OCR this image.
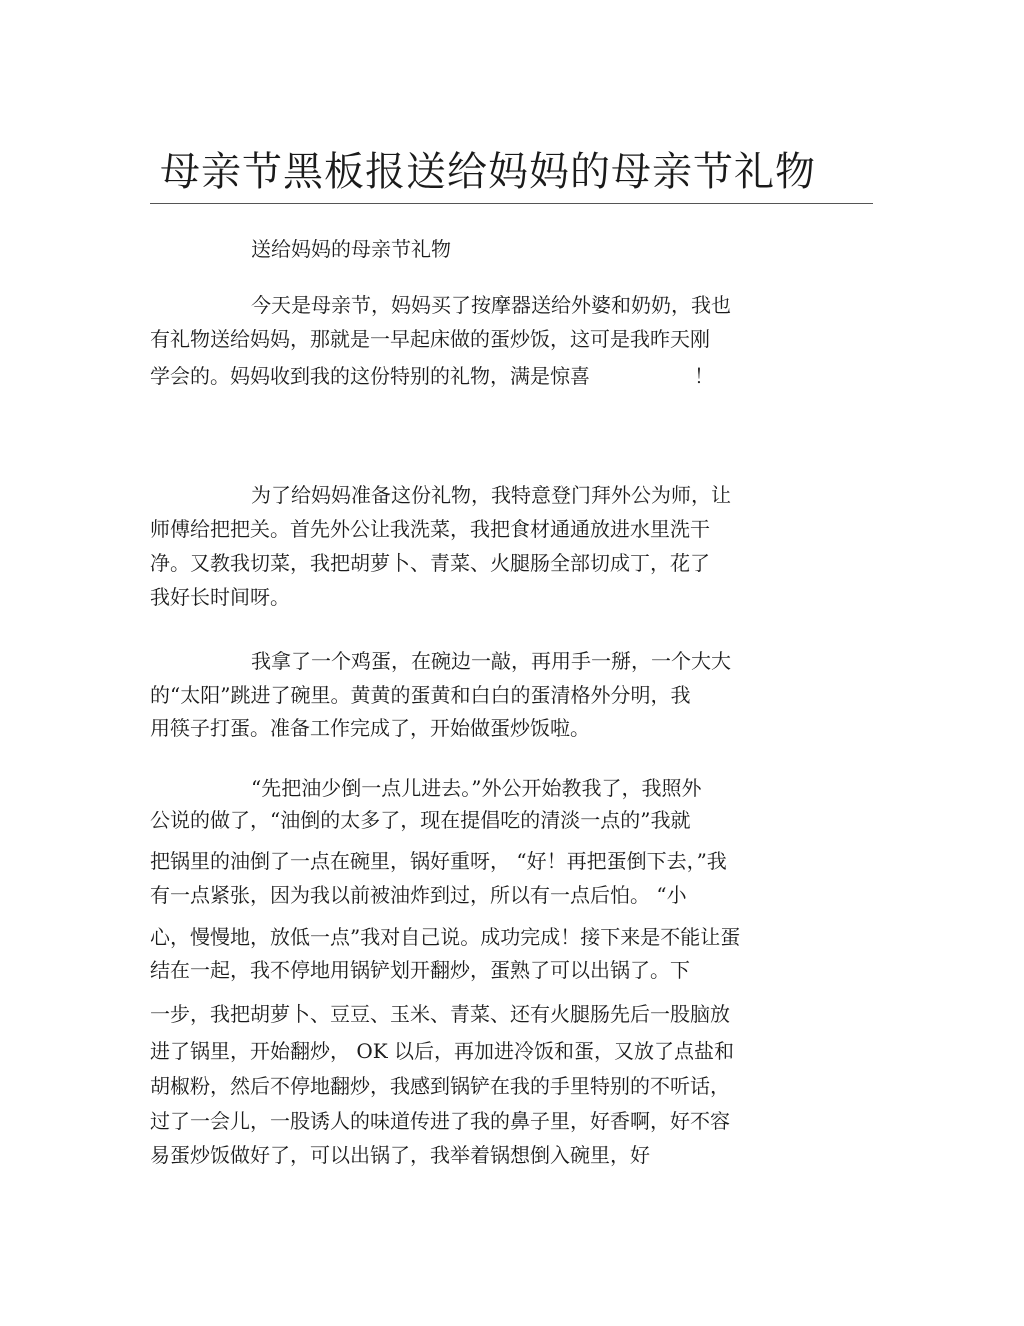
母亲节黑板报送给妈妈的母亲节礼物
送给妈妈的母亲节礼物
今天是母亲节，妈妈买了按摩器送给外婆和奶奶，我也
有礼物送给妈妈，那就是一早起床做的蛋炒饭，这可是我昨天刚
学会的。妈妈收到我的这份特别的礼物，满是惊喜	！
为了给妈妈准备这份礼物，我特意登门拜外公为师，让
师傅给把把关。首先外公让我洗菜，我把食材通通放进水里洗干
净。又教我切菜，我把胡萝卜、青菜、火腿肠全部切成丁，花了
我好长时间呀。
我拿了一个鸡蛋，在碗边一敲，再用手一掰，一个大大
的“太阳”跳进了碗里。黄黄的蛋黄和白白的蛋清格外分明，我
用筷子打蛋。准备工作完成了，开始做蛋炒饭啦。
“先把油少倒一点儿进去。”外公开始教我了，我照外
公说的做了，“油倒的太多了，现在提倡吃的清淡一点的”我就
把锅里的油倒了一点在碗里，锅好重呀， “好！再把蛋倒下去，”我
有一点紧张，因为我以前被油炸到过，所以有一点后怕。 “小
心，慢慢地，放低一点”我对自己说。成功完成！接下来是不能让蛋
结在一起，我不停地用锅铲划开翻炒，蛋熟了可以出锅了。下
一步，我把胡萝卜、豆豆、玉米、青菜、还有火腿肠先后一股脑放
进了锅里，开始翻炒， OK 以后，再加进冷饭和蛋，又放了点盐和
胡椒粉，然后不停地翻炒，我感到锅铲在我的手里特别的不听话，
过了一会儿，一股诱人的味道传进了我的鼻子里，好香啊，好不容
易蛋炒饭做好了，可以出锅了，我举着锅想倒入碗里，好
